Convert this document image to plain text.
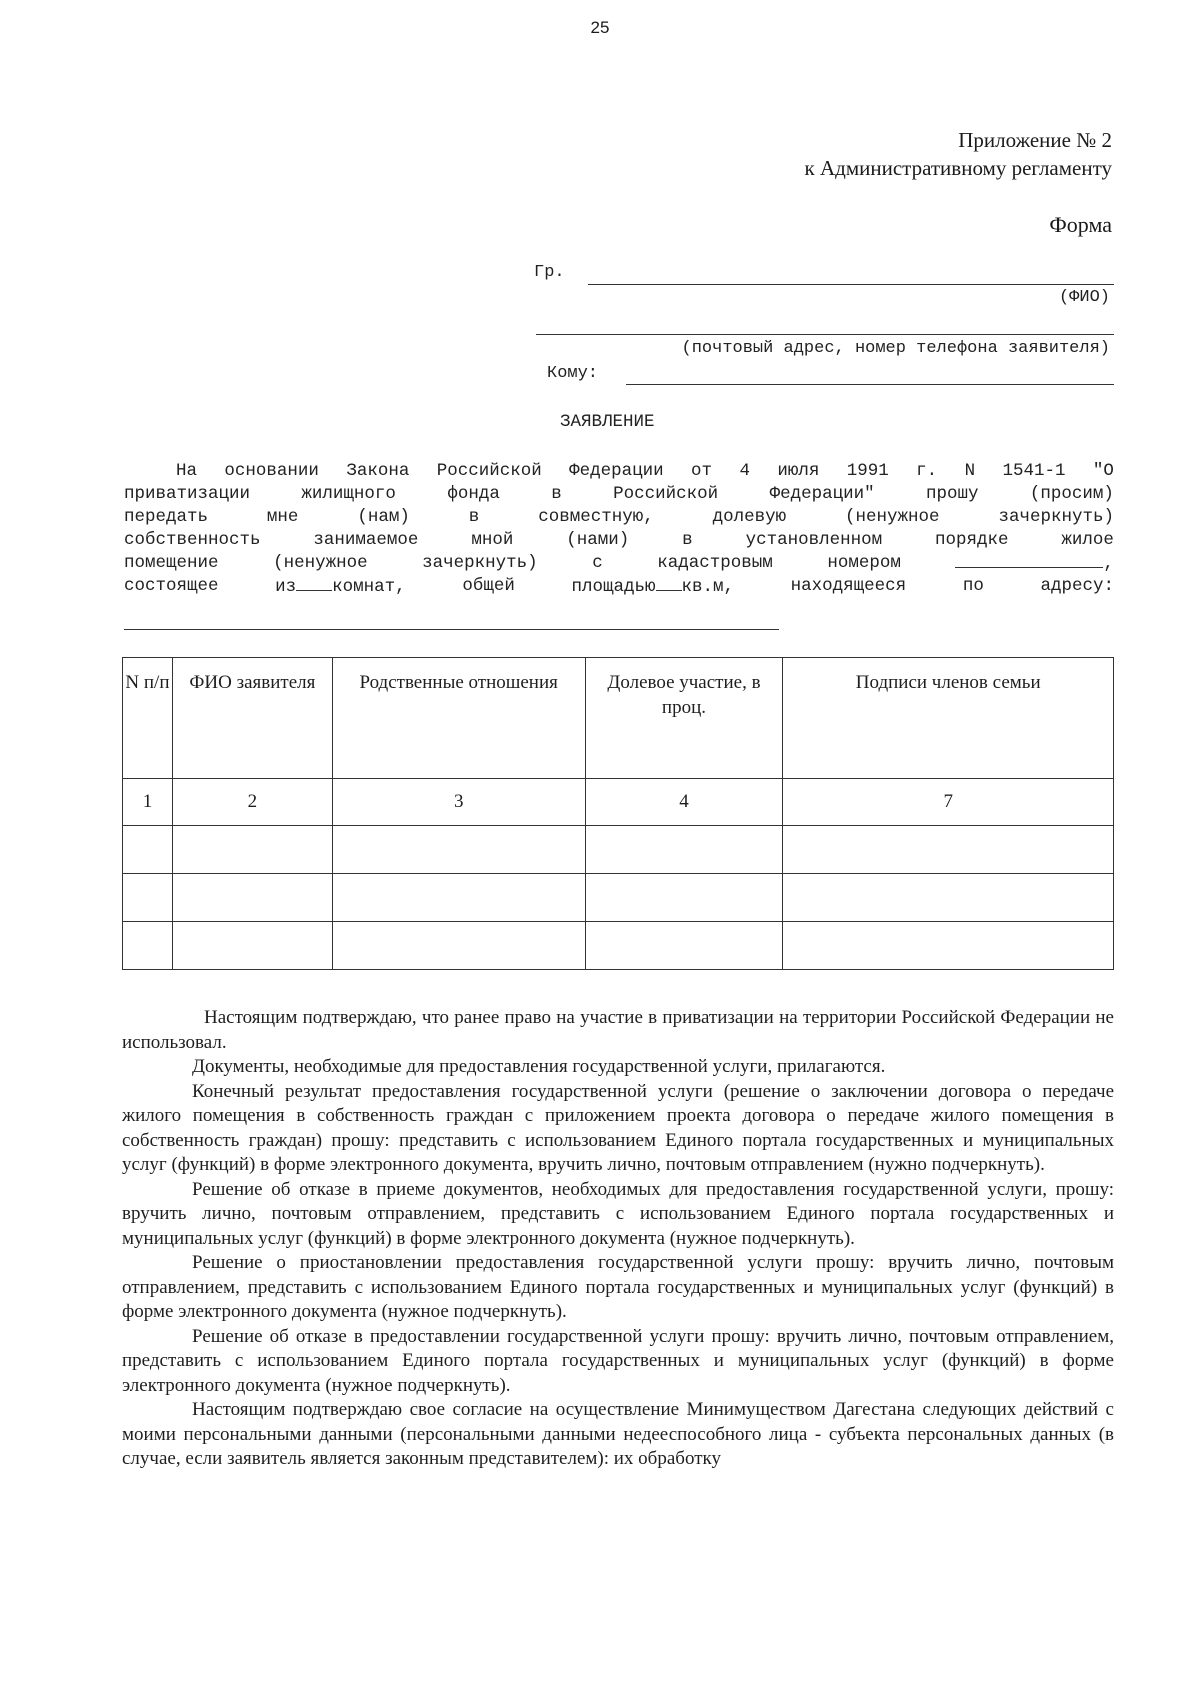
25
Приложение № 2
к Административному регламенту
Форма
Гр.
(ФИО)
(почтовый адрес, номер телефона заявителя)
Кому:
ЗАЯВЛЕНИЕ
На основании Закона Российской Федерации от 4 июля 1991 г. N 1541-1 "О
приватизации	жилищного	фонда	в	Российской	Федерации"	прошу	(просим)
передать	мне	(нам)	в	совместную,	долевую	(ненужное	зачеркнуть)
собственность	занимаемое	мной	(нами)	в	установленном	порядке	жилое
помещение	(ненужное	зачеркнуть)	с	кадастровым	номером	,
состоящее	из комнат,	общей	площадью кв.м,	находящееся	по	адресу:
N п/п	ФИО заявителя	Родственные отношения	Долевое участие, в проц.	Подписи членов семьи
1	2	3	4	7

Настоящим подтверждаю, что ранее право на участие в приватизации на территории Российской Федерации не использовал.

Документы, необходимые для предоставления государственной услуги, прилагаются.

Конечный результат предоставления государственной услуги (решение о заключении договора о передаче жилого помещения в собственность граждан с приложением проекта договора о передаче жилого помещения в собственность граждан) прошу: представить с использованием Единого портала государственных и муниципальных услуг (функций) в форме электронного документа, вручить лично, почтовым отправлением (нужно подчеркнуть).

Решение об отказе в приеме документов, необходимых для предоставления государственной услуги, прошу: вручить лично, почтовым отправлением, представить с использованием Единого портала государственных и муниципальных услуг (функций) в форме электронного документа (нужное подчеркнуть).

Решение о приостановлении предоставления государственной услуги прошу: вручить лично, почтовым отправлением, представить с использованием Единого портала государственных и муниципальных услуг (функций) в форме электронного документа (нужное подчеркнуть).

Решение об отказе в предоставлении государственной услуги прошу: вручить лично, почтовым отправлением, представить с использованием Единого портала государственных и муниципальных услуг (функций) в форме электронного документа (нужное подчеркнуть).

Настоящим подтверждаю свое согласие на осуществление Минимуществом Дагестана следующих действий с моими персональными данными (персональными данными недееспособного лица - субъекта персональных данных (в случае, если заявитель является законным представителем): их обработку
